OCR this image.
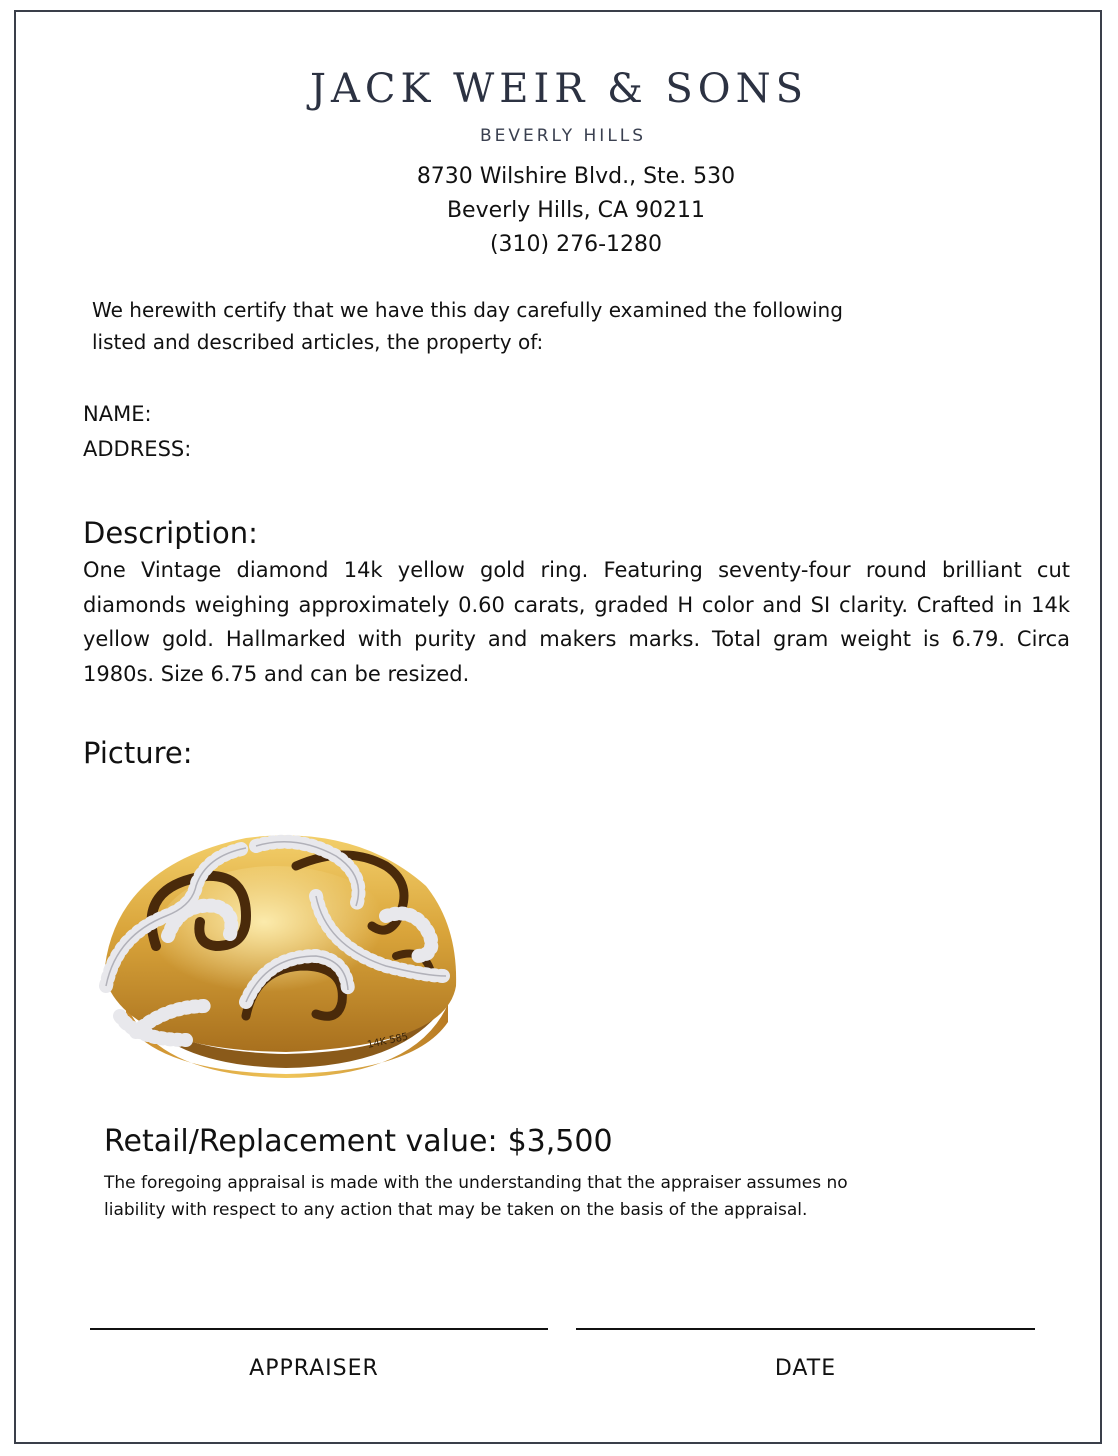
JACK WEIR & SONS
BEVERLY HILLS
8730 Wilshire Blvd., Ste. 530
Beverly Hills, CA 90211
(310) 276-1280
We herewith certify that we have this day carefully examined the following
listed and described articles, the property of:
NAME:
ADDRESS:
Description:
One Vintage diamond 14k yellow gold ring. Featuring seventy-four round brilliant cut diamonds weighing approximately 0.60 carats, graded H color and SI clarity. Crafted in 14k yellow gold. Hallmarked with purity and makers marks. Total gram weight is 6.79. Circa 1980s. Size 6.75 and can be resized.
Picture:
14K 585
Retail/Replacement value: $3,500
The foregoing appraisal is made with the understanding that the appraiser assumes no
liability with respect to any action that may be taken on the basis of the appraisal.
APPRAISER	DATE
